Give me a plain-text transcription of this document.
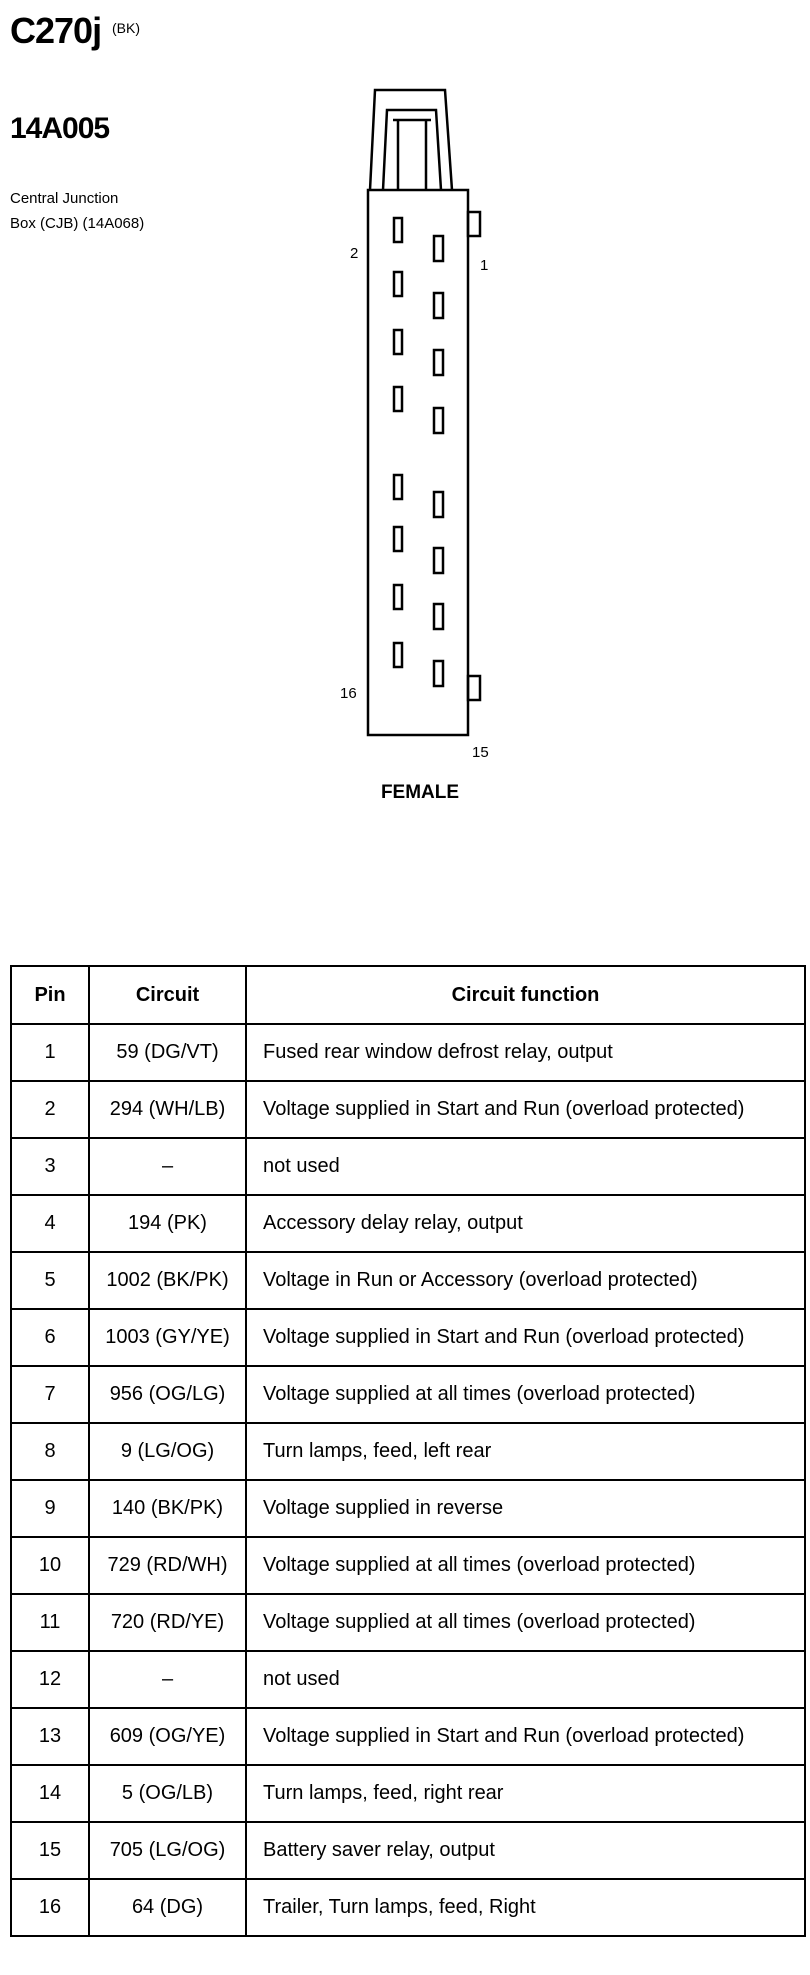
C270j (BK)
14A005
Central Junction
Box (CJB) (14A068)
2
1
16
15
FEMALE
Pin	Circuit	Circuit function
1	59 (DG/VT)	Fused rear window defrost relay, output
2	294 (WH/LB)	Voltage supplied in Start and Run (overload protected)
3	–	not used
4	194 (PK)	Accessory delay relay, output
5	1002 (BK/PK)	Voltage in Run or Accessory (overload protected)
6	1003 (GY/YE)	Voltage supplied in Start and Run (overload protected)
7	956 (OG/LG)	Voltage supplied at all times (overload protected)
8	9 (LG/OG)	Turn lamps, feed, left rear
9	140 (BK/PK)	Voltage supplied in reverse
10	729 (RD/WH)	Voltage supplied at all times (overload protected)
11	720 (RD/YE)	Voltage supplied at all times (overload protected)
12	–	not used
13	609 (OG/YE)	Voltage supplied in Start and Run (overload protected)
14	5 (OG/LB)	Turn lamps, feed, right rear
15	705 (LG/OG)	Battery saver relay, output
16	64 (DG)	Trailer, Turn lamps, feed, Right
